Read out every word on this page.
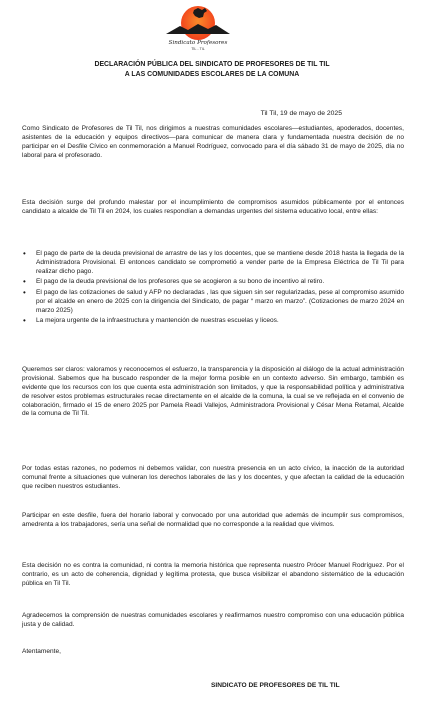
Sindicato Profesores
TIL - TIL
DECLARACIÓN PÚBLICA DEL SINDICATO DE PROFESORES DE TIL TIL
A LAS COMUNIDADES ESCOLARES DE LA COMUNA
Til Til, 19 de mayo de 2025

Como Sindicato de Profesores de Til Til, nos dirigimos a nuestras comunidades escolares—estudiantes, apoderados, docentes, asistentes de la educación y equipos directivos—para comunicar de manera clara y fundamentada nuestra decisión de no participar en el Desfile Cívico en conmemoración a Manuel Rodríguez, convocado para el día sábado 31 de mayo de 2025, día no laboral para el profesorado.

Esta decisión surge del profundo malestar por el incumplimiento de compromisos asumidos públicamente por el entonces candidato a alcalde de Til Til en 2024, los cuales respondían a demandas urgentes del sistema educativo local, entre ellas:

• El pago de parte de la deuda previsional de arrastre de las y los docentes, que se mantiene desde 2018 hasta la llegada de la Administradora Provisional. El entonces candidato se comprometió a vender parte de la Empresa Eléctrica de Til Til para realizar dicho pago.
• El pago de la deuda previsional de los profesores que se acogieron a su bono de incentivo al retiro.
• El pago de las cotizaciones de salud y AFP no declaradas , las que siguen sin ser regularizadas, pese al compromiso asumido por el alcalde en enero de 2025 con la dirigencia del Sindicato, de pagar “ marzo en marzo”. (Cotizaciones de marzo 2024 en marzo 2025)
• La mejora urgente de la infraestructura y mantención de nuestras escuelas y liceos.

Queremos ser claros: valoramos y reconocemos el esfuerzo, la transparencia y la disposición al diálogo de la actual administración provisional. Sabemos que ha buscado responder de la mejor forma posible en un contexto adverso. Sin embargo, también es evidente que los recursos con los que cuenta esta administración son limitados, y que la responsabilidad política y administrativa de resolver estos problemas estructurales recae directamente en el alcalde de la comuna, la cual se ve reflejada en el convenio de colaboración, firmado el 15 de enero 2025 por Pamela Readi Vallejos, Administradora Provisional y César Mena Retamal, Alcalde de la comuna de Til Til.

Por todas estas razones, no podemos ni debemos validar, con nuestra presencia en un acto cívico, la inacción de la autoridad comunal frente a situaciones que vulneran los derechos laborales de las y los docentes, y que afectan la calidad de la educación que reciben nuestros estudiantes.

Participar en este desfile, fuera del horario laboral y convocado por una autoridad que además de incumplir sus compromisos, amedrenta a los trabajadores, sería una señal de normalidad que no corresponde a la realidad que vivimos.

Esta decisión no es contra la comunidad, ni contra la memoria histórica que representa nuestro Prócer Manuel Rodríguez. Por el contrario, es un acto de coherencia, dignidad y legítima protesta, que busca visibilizar el abandono sistemático de la educación pública en Til Til.

Agradecemos la comprensión de nuestras comunidades escolares y reafirmamos nuestro compromiso con una educación pública justa y de calidad.

Atentamente,

SINDICATO DE PROFESORES DE TIL TIL
